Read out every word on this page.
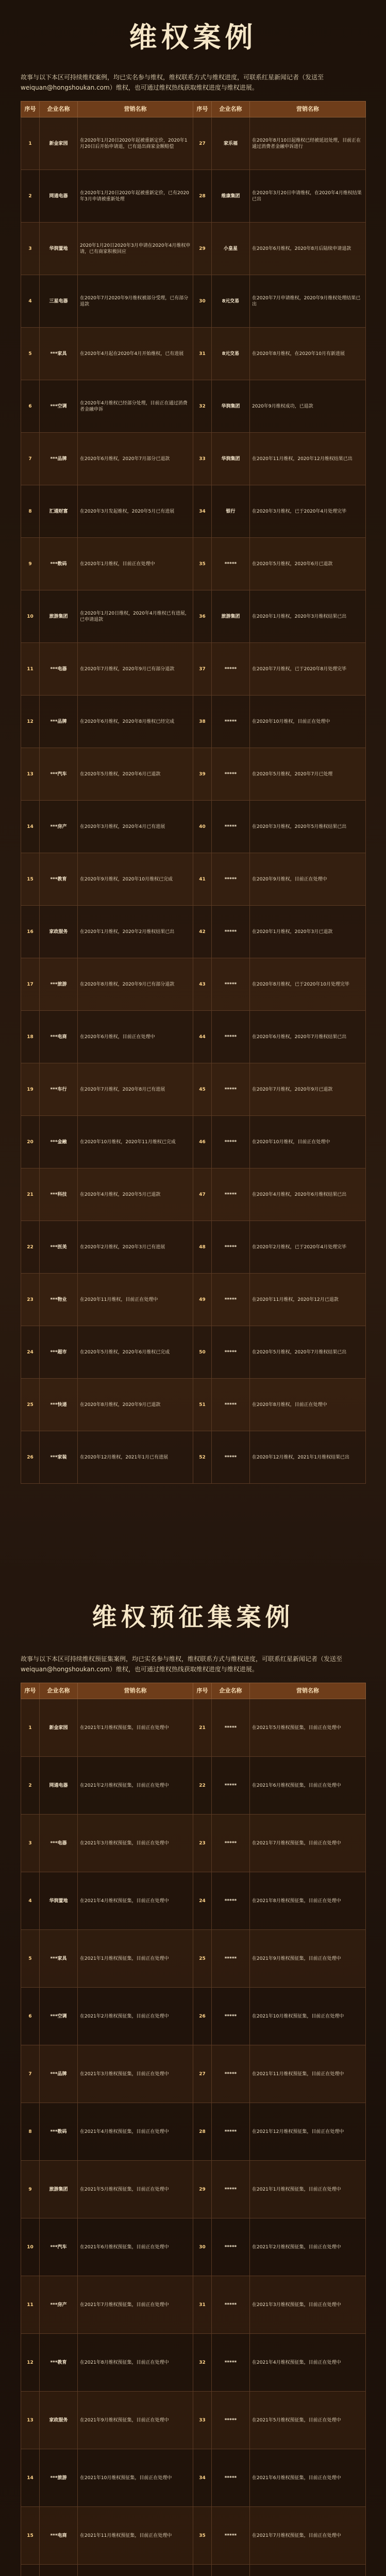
维权案例

故事与以下本区可持续维权案例，均已实名参与维权，维权联系方式与维权进度，可联系红星新闻记者（发送至weiquan@hongshoukan.com）维权，也可通过维权热线获取维权进度与维权进展。

序号	企业名称	营销名称	序号	企业名称	营销名称
1	新金家园	在2020年1月20日2020年起被重新定价，2020年1月20日后开始申请退，已有退出商家金额赔偿	27	家乐福	在2020年8月10日起维权已经被延迟处理，目前正在通过消费者金融申诉进行
2	网通电器	在2020年1月20日2020年起被重新定价，已有2020年3月申请被重新处理	28	维康集团	在2020年3月20日申请维权，在2020年4月维权结果已出
3	华润置地	2020年1月20日2020年3月申请在2020年4月维权申请，已有商家积极回应	29	小皇星	在2020年6月维权，2020年8月后陆续申请退款
4	三星电器	在2020年7月2020年9月维权被部分受理，已有部分退款	30	8元交易	在2020年7月申请维权，2020年9月维权处理结果已出
5	***家具	在2020年4月起在2020年4月开始维权，已有进展	31	8元交易	在2020年8月维权，在2020年10月有新进展
6	***空调	在2020年4月维权已经部分处理，目前正在通过消费者金融申诉	32	华润集团	2020年9月维权成功，已退款
7	***品牌	在2020年6月维权，2020年7月部分已退款	33	华润集团	在2020年11月维权，2020年12月维权结果已出
8	汇通财富	在2020年3月发起维权，2020年5月已有进展	34	银行	在2020年3月维权，已于2020年4月处理完毕
9	***数码	在2020年1月维权，目前正在处理中	35	*****	在2020年5月维权，2020年6月已退款
10	旅游集团	在2020年1月20日维权，2020年4月维权已有进展，已申请退款	36	旅游集团	在2020年1月维权，2020年3月维权结果已出
11	***电器	在2020年7月维权，2020年9月已有部分退款	37	*****	在2020年7月维权，已于2020年8月处理完毕
12	***品牌	在2020年6月维权，2020年8月维权已经完成	38	*****	在2020年10月维权，目前正在处理中
13	***汽车	在2020年5月维权，2020年6月已退款	39	*****	在2020年5月维权，2020年7月已处理
14	***房产	在2020年3月维权，2020年4月已有进展	40	*****	在2020年3月维权，2020年5月维权结果已出
15	***教育	在2020年9月维权，2020年10月维权已完成	41	*****	在2020年9月维权，目前正在处理中
16	家政服务	在2020年1月维权，2020年2月维权结果已出	42	*****	在2020年1月维权，2020年3月已退款
17	***旅游	在2020年8月维权，2020年9月已有部分退款	43	*****	在2020年8月维权，已于2020年10月处理完毕
18	***电商	在2020年6月维权，目前正在处理中	44	*****	在2020年6月维权，2020年7月维权结果已出
19	***车行	在2020年7月维权，2020年8月已有进展	45	*****	在2020年7月维权，2020年9月已退款
20	***金融	在2020年10月维权，2020年11月维权已完成	46	*****	在2020年10月维权，目前正在处理中
21	***科技	在2020年4月维权，2020年5月已退款	47	*****	在2020年4月维权，2020年6月维权结果已出
22	***医美	在2020年2月维权，2020年3月已有进展	48	*****	在2020年2月维权，已于2020年4月处理完毕
23	***物业	在2020年11月维权，目前正在处理中	49	*****	在2020年11月维权，2020年12月已退款
24	***超市	在2020年5月维权，2020年6月维权已完成	50	*****	在2020年5月维权，2020年7月维权结果已出
25	***快递	在2020年8月维权，2020年9月已退款	51	*****	在2020年8月维权，目前正在处理中
26	***家装	在2020年12月维权，2021年1月已有进展	52	*****	在2020年12月维权，2021年1月维权结果已出
维权预征集案例

故事与以下本区可持续维权预征集案例，均已实名参与维权，维权联系方式与维权进度，可联系红星新闻记者（发送至weiquan@hongshoukan.com）维权，也可通过维权热线获取维权进度与维权进展。

序号	企业名称	营销名称	序号	企业名称	营销名称
1	新金家园	在2021年1月维权预征集，目前正在处理中	21	*****	在2021年5月维权预征集，目前正在处理中
2	网通电器	在2021年2月维权预征集，目前正在处理中	22	*****	在2021年6月维权预征集，目前正在处理中
3	***电器	在2021年3月维权预征集，目前正在处理中	23	*****	在2021年7月维权预征集，目前正在处理中
4	华润置地	在2021年4月维权预征集，目前正在处理中	24	*****	在2021年8月维权预征集，目前正在处理中
5	***家具	在2021年1月维权预征集，目前正在处理中	25	*****	在2021年9月维权预征集，目前正在处理中
6	***空调	在2021年2月维权预征集，目前正在处理中	26	*****	在2021年10月维权预征集，目前正在处理中
7	***品牌	在2021年3月维权预征集，目前正在处理中	27	*****	在2021年11月维权预征集，目前正在处理中
8	***数码	在2021年4月维权预征集，目前正在处理中	28	*****	在2021年12月维权预征集，目前正在处理中
9	旅游集团	在2021年5月维权预征集，目前正在处理中	29	*****	在2021年1月维权预征集，目前正在处理中
10	***汽车	在2021年6月维权预征集，目前正在处理中	30	*****	在2021年2月维权预征集，目前正在处理中
11	***房产	在2021年7月维权预征集，目前正在处理中	31	*****	在2021年3月维权预征集，目前正在处理中
12	***教育	在2021年8月维权预征集，目前正在处理中	32	*****	在2021年4月维权预征集，目前正在处理中
13	家政服务	在2021年9月维权预征集，目前正在处理中	33	*****	在2021年5月维权预征集，目前正在处理中
14	***旅游	在2021年10月维权预征集，目前正在处理中	34	*****	在2021年6月维权预征集，目前正在处理中
15	***电商	在2021年11月维权预征集，目前正在处理中	35	*****	在2021年7月维权预征集，目前正在处理中
